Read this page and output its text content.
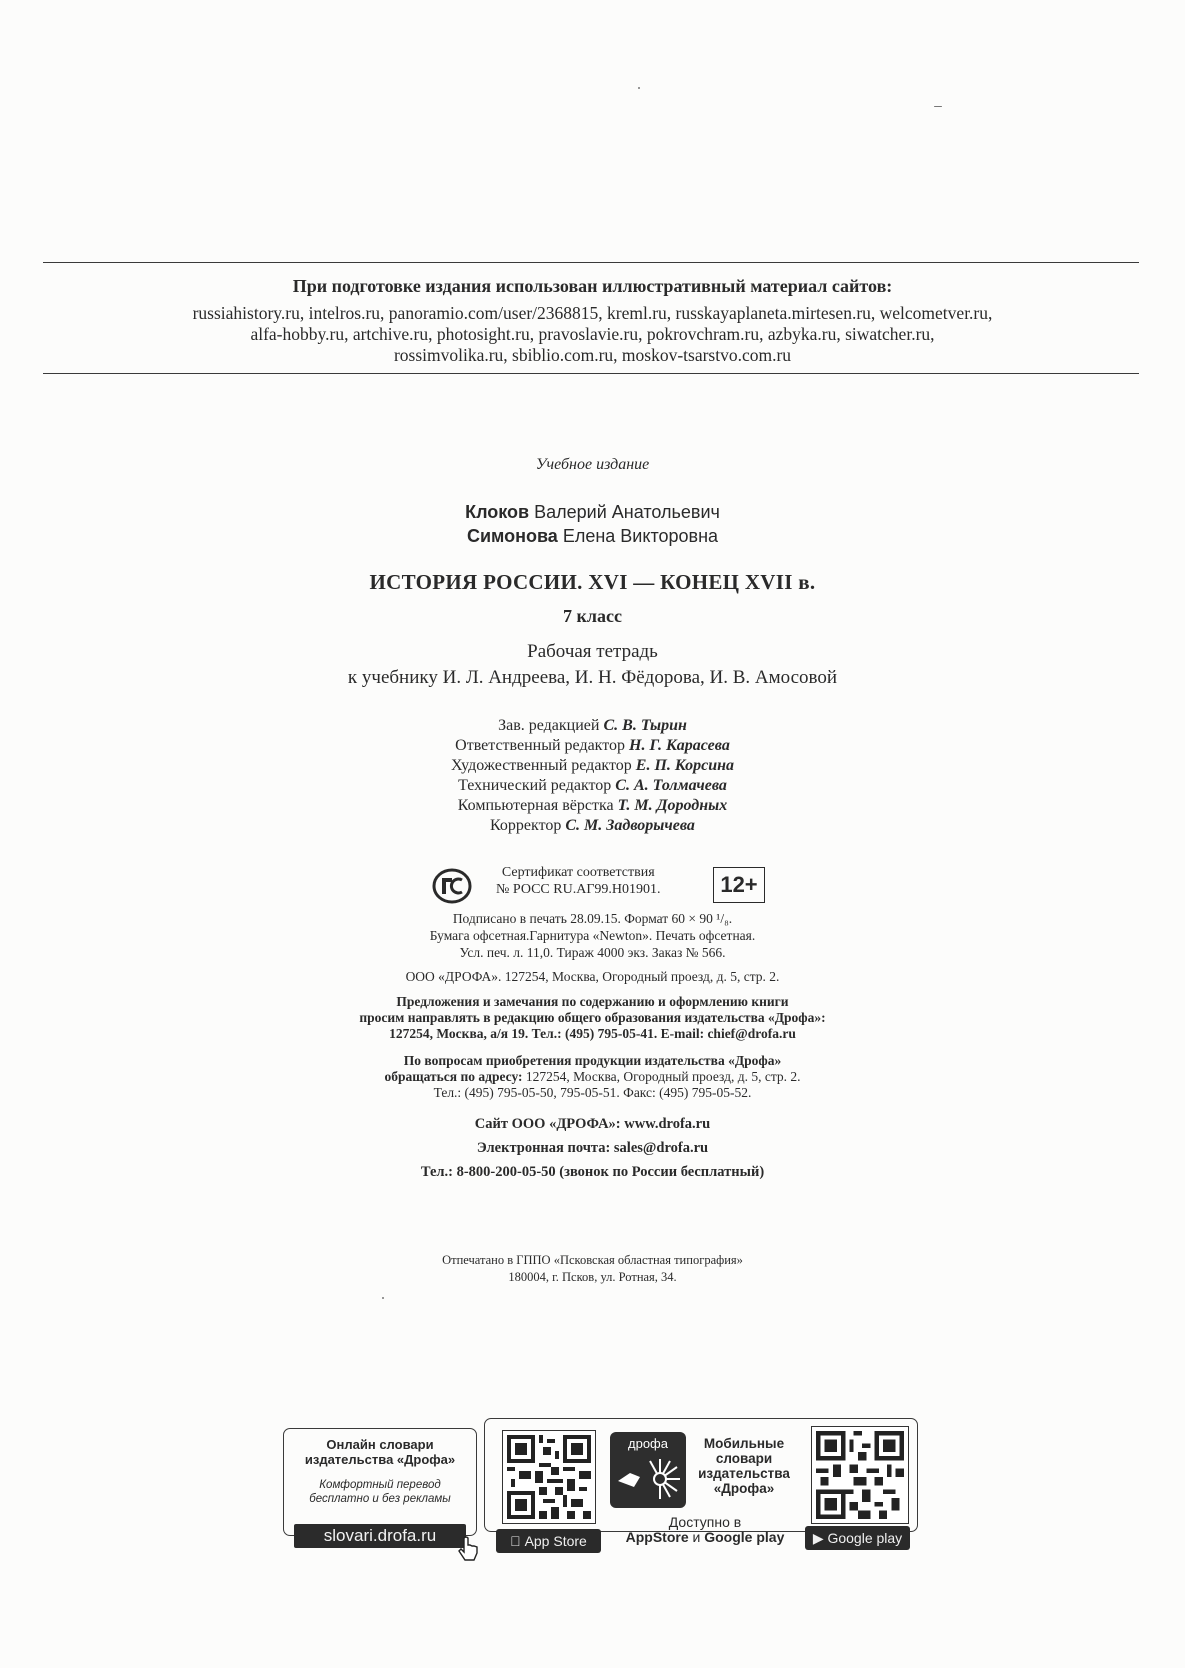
При подготовке издания использован иллюстративный материал сайтов:
russiahistory.ru, intelros.ru, panoramio.com/user/2368815, kreml.ru, russkayaplaneta.mirtesen.ru, welcometver.ru,
alfa-hobby.ru, artchive.ru, photosight.ru, pravoslavie.ru, pokrovchram.ru, azbyka.ru, siwatcher.ru,
rossimvolika.ru, sbiblio.com.ru, moskov-tsarstvo.com.ru
Учебное издание
Клоков Валерий Анатольевич
Симонова Елена Викторовна
ИСТОРИЯ РОССИИ. XVI — КОНЕЦ XVII в.
7 класс
Рабочая тетрадь
к учебнику И. Л. Андреева, И. Н. Фёдорова, И. В. Амосовой
Зав. редакцией С. В. Тырин
Ответственный редактор Н. Г. Карасева
Художественный редактор Е. П. Корсина
Технический редактор С. А. Толмачева
Компьютерная вёрстка Т. М. Дородных
Корректор С. М. Задворычева
Сертификат соответствия
№ РОСС RU.АГ99.Н01901.	12+
Подписано в печать 28.09.15. Формат 60 × 90 ¹/₈.
Бумага офсетная.Гарнитура «Newton». Печать офсетная.
Усл. печ. л. 11,0. Тираж 4000 экз. Заказ № 566.
ООО «ДРОФА». 127254, Москва, Огородный проезд, д. 5, стр. 2.
Предложения и замечания по содержанию и оформлению книги
просим направлять в редакцию общего образования издательства «Дрофа»:
127254, Москва, а/я 19. Тел.: (495) 795-05-41. E-mail: chief@drofa.ru
По вопросам приобретения продукции издательства «Дрофа»
обращаться по адресу: 127254, Москва, Огородный проезд, д. 5, стр. 2.
Тел.: (495) 795-05-50, 795-05-51. Факс: (495) 795-05-52.
Сайт ООО «ДРОФА»: www.drofa.ru
Электронная почта: sales@drofa.ru
Тел.: 8-800-200-05-50 (звонок по России бесплатный)
Отпечатано в ГППО «Псковская областная типография»
180004, г. Псков, ул. Ротная, 34.
Онлайн словари
издательства «Дрофа»
Комфортный перевод
бесплатно и без рекламы
slovari.drofa.ru	App Store
дрофа	Мобильные
словари
издательства
«Дрофа»
Доступно в
AppStore и Google play	▶ Google play
